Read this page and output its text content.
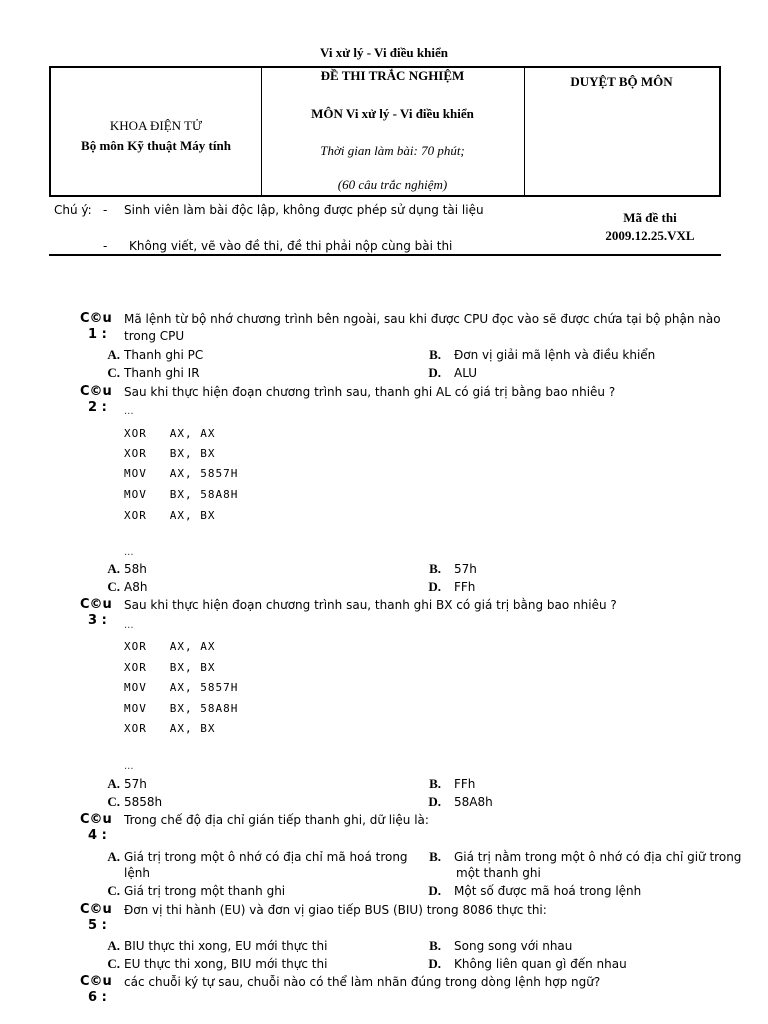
Vi xử lý - Vi điều khiển
KHOA ĐIỆN TỬ
Bộ môn Kỹ thuật Máy tính
ĐỀ THI TRẮC NGHIỆM
MÔN Vi xử lý - Vi điều khiển
Thời gian làm bài: 70 phút;
(60 câu trắc nghiệm)
DUYỆT BỘ MÔN
Chú ý: - Sinh viên làm bài độc lập, không được phép sử dụng tài liệu
- Không viết, vẽ vào đề thi, đề thi phải nộp cùng bài thi
Mã đề thi
2009.12.25.VXL
C©u
1 :
Mã lệnh từ bộ nhớ chương trình bên ngoài, sau khi được CPU đọc vào sẽ được chứa tại bộ phận nào
trong CPU
A. Thanh ghi PC	B. Đơn vị giải mã lệnh và điều khiển
C. Thanh ghi IR	D. ALU
C©u
2 :
Sau khi thực hiện đoạn chương trình sau, thanh ghi AL có giá trị bằng bao nhiêu ?
...
XOR   AX, AX
XOR   BX, BX
MOV   AX, 5857H
MOV   BX, 58A8H
XOR   AX, BX
...
A. 58h	B. 57h
C. A8h	D. FFh
C©u
3 :
Sau khi thực hiện đoạn chương trình sau, thanh ghi BX có giá trị bằng bao nhiêu ?
...
XOR   AX, AX
XOR   BX, BX
MOV   AX, 5857H
MOV   BX, 58A8H
XOR   AX, BX
...
A. 57h	B. FFh
C. 5858h	D. 58A8h
C©u
4 :
Trong chế độ địa chỉ gián tiếp thanh ghi, dữ liệu là:
A. Giá trị trong một ô nhớ có địa chỉ mã hoá trong
lệnh
B. Giá trị nằm trong một ô nhớ có địa chỉ giữ trong
một thanh ghi
C. Giá trị trong một thanh ghi	D. Một số được mã hoá trong lệnh
C©u
5 :
Đơn vị thi hành (EU) và đơn vị giao tiếp BUS (BIU) trong 8086 thực thi:
A. BIU thực thi xong, EU mới thực thi	B. Song song với nhau
C. EU thực thi xong, BIU mới thực thi	D. Không liên quan gì đến nhau
C©u
6 :
các chuỗi ký tự sau, chuỗi nào có thể làm nhãn đúng trong dòng lệnh hợp ngữ?
